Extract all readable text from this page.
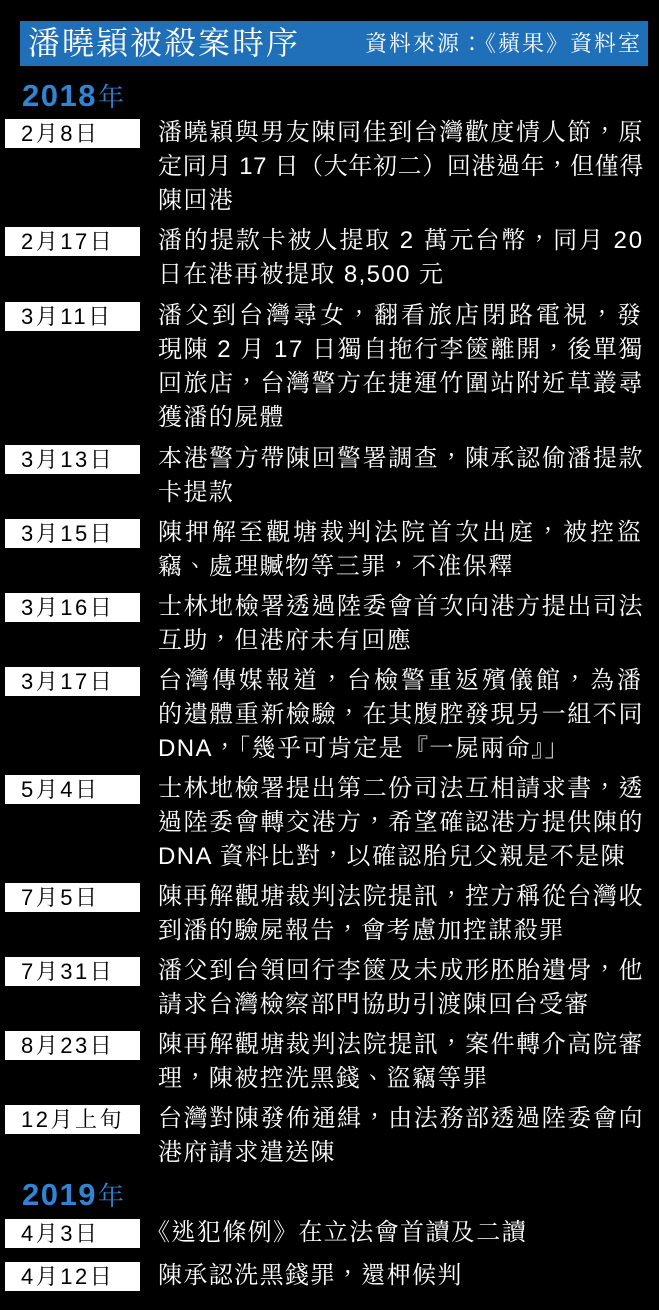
潘曉穎被殺案時序	資料來源：《蘋果》資料室
2018年
2月8日	潘曉穎與男友陳同佳到台灣歡度情人節，原
定同月 17 日（大年初二）回港過年，但僅得
陳回港
2月17日	潘的提款卡被人提取 2 萬元台幣，同月 20
日在港再被提取 8,500 元
3月11日	潘父到台灣尋女，翻看旅店閉路電視，發
現陳 2 月 17 日獨自拖行李篋離開，後單獨
回旅店，台灣警方在捷運竹圍站附近草叢尋
獲潘的屍體
3月13日	本港警方帶陳回警署調查，陳承認偷潘提款
卡提款
3月15日	陳押解至觀塘裁判法院首次出庭，被控盜
竊、處理贓物等三罪，不准保釋
3月16日	士林地檢署透過陸委會首次向港方提出司法
互助，但港府未有回應
3月17日	台灣傳媒報道，台檢警重返殯儀館，為潘
的遺體重新檢驗，在其腹腔發現另一組不同
DNA，「幾乎可肯定是『一屍兩命』」
5月4日	士林地檢署提出第二份司法互相請求書，透
過陸委會轉交港方，希望確認港方提供陳的
DNA 資料比對，以確認胎兒父親是不是陳
7月5日	陳再解觀塘裁判法院提訊，控方稱從台灣收
到潘的驗屍報告，會考慮加控謀殺罪
7月31日	潘父到台領回行李篋及未成形胚胎遺骨，他
請求台灣檢察部門協助引渡陳回台受審
8月23日	陳再解觀塘裁判法院提訊，案件轉介高院審
理，陳被控洗黑錢、盜竊等罪
12月上旬	台灣對陳發佈通緝，由法務部透過陸委會向
港府請求遣送陳
2019年
4月3日	《逃犯條例》在立法會首讀及二讀
4月12日	陳承認洗黑錢罪，還柙候判
